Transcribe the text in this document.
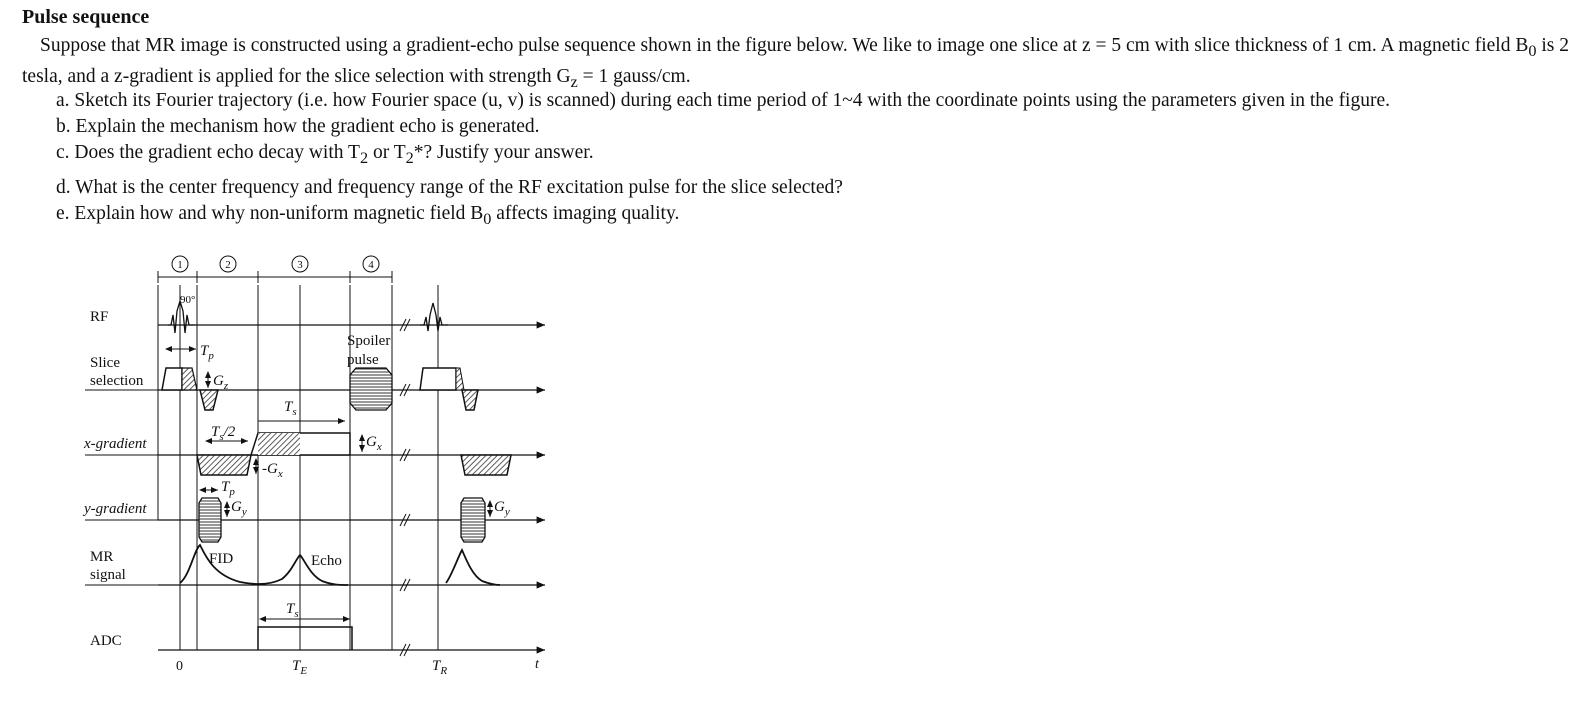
Pulse sequence
Suppose that MR image is constructed using a gradient-echo pulse sequence shown in the figure below. We like to image one slice at z = 5 cm with slice thickness of 1 cm. A magnetic field $B_0$ is 2 tesla, and a z-gradient is applied for the slice selection with strength $G_z = 1$ gauss/cm.
a. Sketch its Fourier trajectory (i.e. how Fourier space (u, v) is scanned) during each time period of 1~4 with the coordinate points using the parameters given in the figure.
b. Explain the mechanism how the gradient echo is generated.
c. Does the gradient echo decay with $T_2$ or $T_2*$? Justify your answer.
d. What is the center frequency and frequency range of the RF excitation pulse for the slice selected?
e. Explain how and why non-uniform magnetic field $B_0$ affects imaging quality.
1	2	3	4
RF
Slice
selection
x-gradient
y-gradient
MR
signal
ADC
90°
$T_p$
$G_z$
Spoiler
pulse
$T_s/2$
$T_s$
$-G_x$
$G_x$
$T_p$
$G_y$	$G_y$
FID	Echo
$T_s$
0	$T_E$	$T_R$	t
